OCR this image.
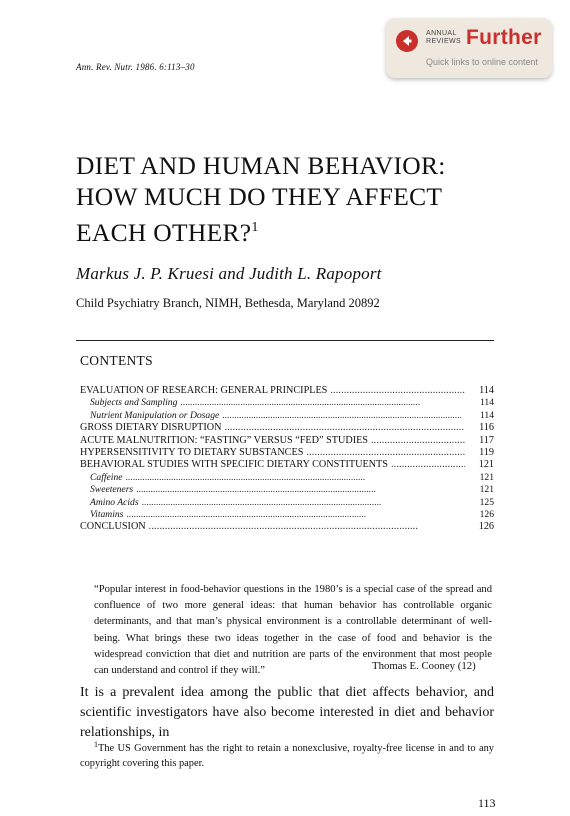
Ann. Rev. Nutr. 1986. 6:113–30
ANNUAL REVIEWS Further
Quick links to online content
DIET AND HUMAN BEHAVIOR:
HOW MUCH DO THEY AFFECT
EACH OTHER?$^1$
Markus J. P. Kruesi and Judith L. Rapoport
Child Psychiatry Branch, NIMH, Bethesda, Maryland 20892
CONTENTS
EVALUATION OF RESEARCH: GENERAL PRINCIPLES . . .	114
Subjects and Sampling . . .	114
Nutrient Manipulation or Dosage . . .	114
GROSS DIETARY DISRUPTION . . .	116
ACUTE MALNUTRITION: “FASTING” VERSUS “FED” STUDIES . . .	117
HYPERSENSITIVITY TO DIETARY SUBSTANCES . . .	119
BEHAVIORAL STUDIES WITH SPECIFIC DIETARY CONSTITUENTS . . .	121
Caffeine . . .	121
Sweeteners . . .	121
Amino Acids . . .	125
Vitamins . . .	126
CONCLUSION . . .	126
“Popular interest in food-behavior questions in the 1980’s is a special case of the spread and confluence of two more general ideas: that human behavior has controllable organic determinants, and that man’s physical environment is a controllable determinant of well-being. What brings these two ideas together in the case of food and behavior is the widespread conviction that diet and nutrition are parts of the environment that most people can understand and control if they will.”	Thomas E. Cooney (12)
It is a prevalent idea among the public that diet affects behavior, and scientific investigators have also become interested in diet and behavior relationships, in
$^1$The US Government has the right to retain a nonexclusive, royalty-free license in and to any copyright covering this paper.
113
